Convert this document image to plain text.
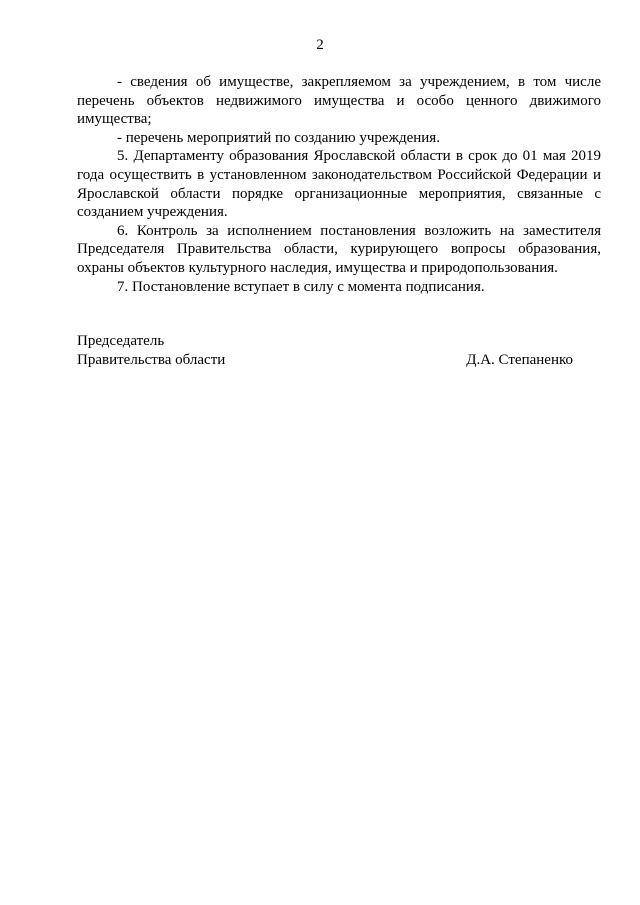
2

- сведения об имуществе, закрепляемом за учреждением, в том числе перечень объектов недвижимого имущества и особо ценного движимого имущества;

- перечень мероприятий по созданию учреждения.

5. Департаменту образования Ярославской области в срок до 01 мая 2019 года осуществить в установленном законодательством Российской Федерации и Ярославской области порядке организационные мероприятия, связанные с созданием учреждения.

6. Контроль за исполнением постановления возложить на заместителя Председателя Правительства области, курирующего вопросы образования, охраны объектов культурного наследия, имущества и природопользования.

7. Постановление вступает в силу с момента подписания.

Председатель
Правительства области	Д.А. Степаненко
